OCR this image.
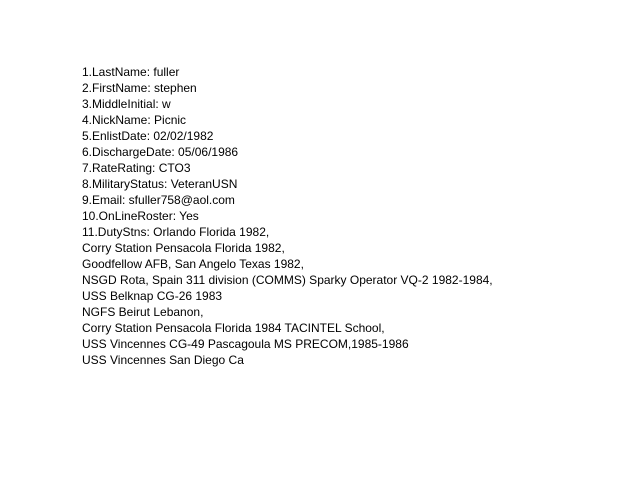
1.LastName: fuller
2.FirstName: stephen
3.MiddleInitial: w
4.NickName: Picnic
5.EnlistDate: 02/02/1982
6.DischargeDate: 05/06/1986
7.RateRating: CTO3
8.MilitaryStatus: VeteranUSN
9.Email: sfuller758@aol.com
10.OnLineRoster: Yes
11.DutyStns: Orlando Florida 1982,
Corry Station Pensacola Florida 1982,
Goodfellow AFB, San Angelo Texas 1982,
NSGD Rota, Spain 311 division (COMMS) Sparky Operator VQ-2 1982-1984,
USS Belknap CG-26 1983
NGFS Beirut Lebanon,
Corry Station Pensacola Florida 1984 TACINTEL School,
USS Vincennes CG-49 Pascagoula MS PRECOM,1985-1986
USS Vincennes San Diego Ca
